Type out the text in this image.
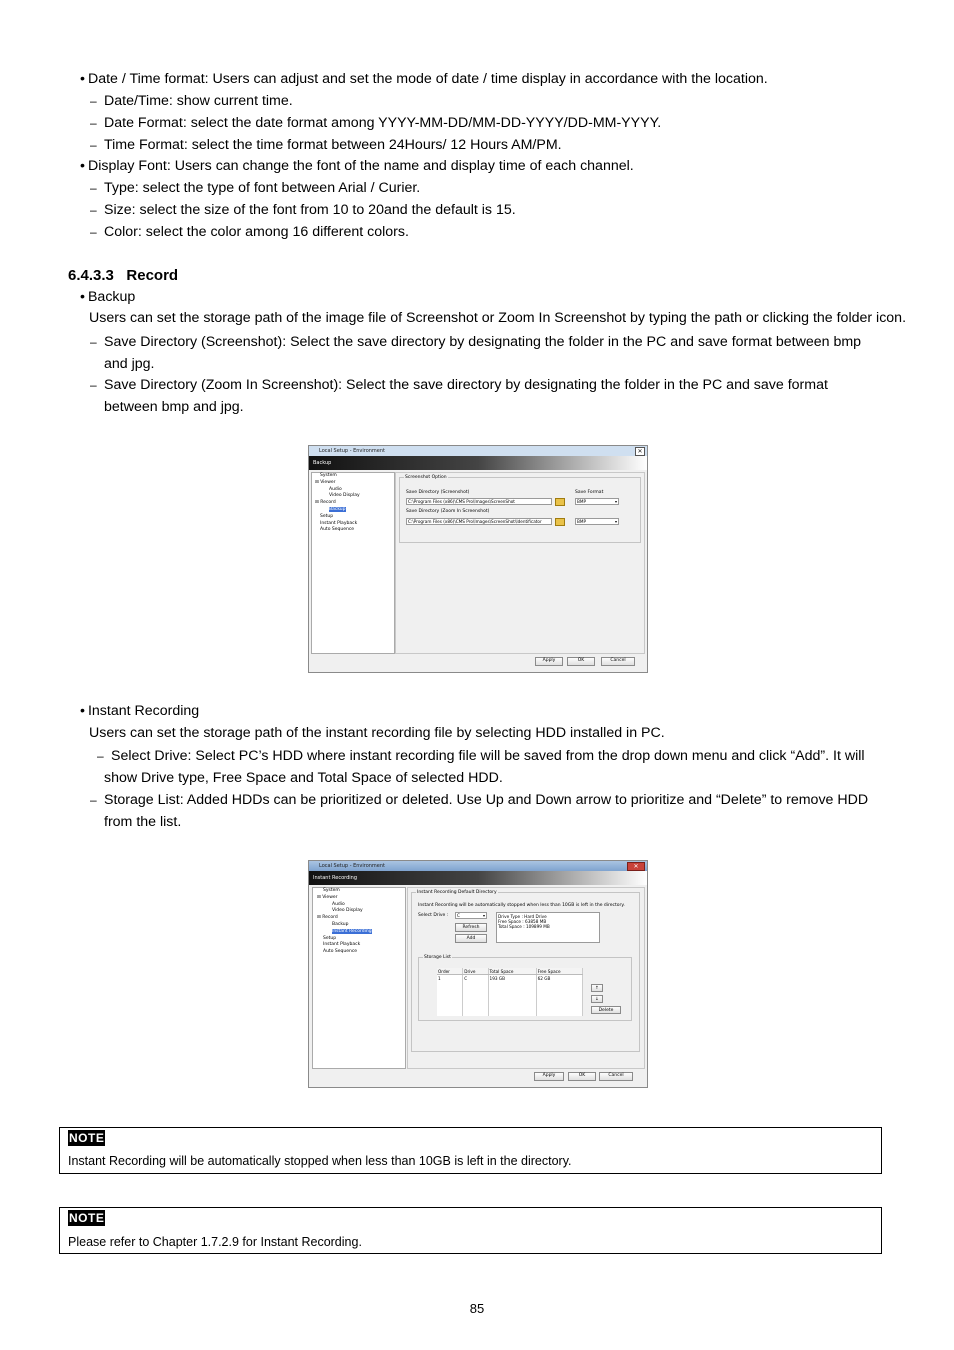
• Date / Time format: Users can adjust and set the mode of date / time display in accordance with the location.
– Date/Time: show current time.
– Date Format: select the date format among YYYY-MM-DD/MM-DD-YYYY/DD-MM-YYYY.
– Time Format: select the time format between 24Hours/ 12 Hours AM/PM.
• Display Font: Users can change the font of the name and display time of each channel.
– Type: select the type of font between Arial / Curier.
– Size: select the size of the font from 10 to 20and the default is 15.
– Color: select the color among 16 different colors.
6.4.3.3 Record
• Backup
Users can set the storage path of the image file of Screenshot or Zoom In Screenshot by typing the path or clicking the folder icon.
– Save Directory (Screenshot): Select the save directory by designating the folder in the PC and save format between bmp and jpg.
– Save Directory (Zoom In Screenshot): Select the save directory by designating the folder in the PC and save format between bmp and jpg.
Local Setup - Environment	✕
Backup
System
⊟ Viewer
Audio
Video Display
⊟ Record
Backup
Setup
Instant Playback
Auto Sequence
Screenshot Option
Save Directory (Screenshot)	Save Format
C:\Program Files (x86)\CMS Pro\Images\ScreenShot	BMP ▾
Save Directory (Zoom In Screenshot)
C:\Program Files (x86)\CMS Pro\Images\ScreenShot\Identificator	BMP ▾
Apply	OK	Cancel
• Instant Recording
Users can set the storage path of the instant recording file by selecting HDD installed in PC.
– Select Drive: Select PC’s HDD where instant recording file will be saved from the drop down menu and click “Add”. It will show Drive type, Free Space and Total Space of selected HDD.
– Storage List: Added HDDs can be prioritized or deleted. Use Up and Down arrow to prioritize and “Delete” to remove HDD from the list.
Local Setup - Environment	✕
Instant Recording
System
⊟ Viewer
Audio
Video Display
⊟ Record
Backup
Instant Recording
Setup
Instant Playback
Auto Sequence
Instant Recording Default Directory
Instant Recording will be automatically stopped when less than 10GB is left in the directory.
Select Drive :	C ▾
Refresh
Add
Drive Type : Hard Drive
Free Space : 63858 MB
Total Space : 109899 MB
Storage List
Order	Drive	Total Space	Free Space
1	C	193 GB	62 GB

↑
↓
Delete
Apply	OK	Cancel
NOTE
Instant Recording will be automatically stopped when less than 10GB is left in the directory.
NOTE
Please refer to Chapter 1.7.2.9 for Instant Recording.
85
